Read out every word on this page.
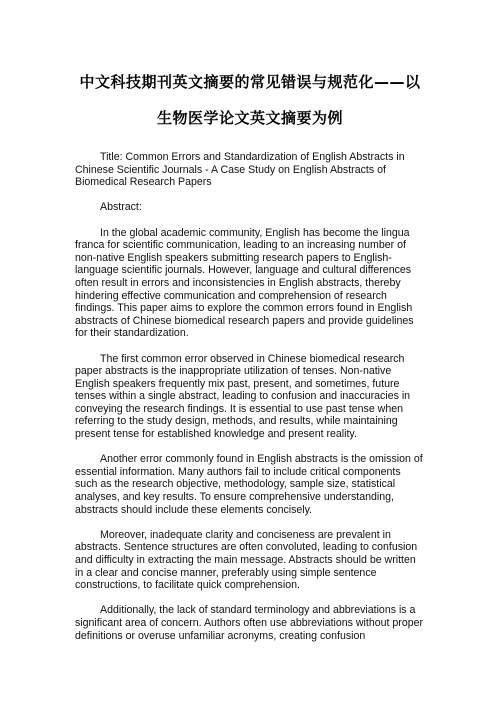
中文科技期刊英文摘要的常见错误与规范化——以
生物医学论文英文摘要为例

Title: Common Errors and Standardization of English Abstracts in Chinese Scientific Journals - A Case Study on English Abstracts of Biomedical Research Papers

Abstract:

In the global academic community, English has become the lingua franca for scientific communication, leading to an increasing number of non-native English speakers submitting research papers to English-language scientific journals. However, language and cultural differences often result in errors and inconsistencies in English abstracts, thereby hindering effective communication and comprehension of research findings. This paper aims to explore the common errors found in English abstracts of Chinese biomedical research papers and provide guidelines for their standardization.

The first common error observed in Chinese biomedical research paper abstracts is the inappropriate utilization of tenses. Non-native English speakers frequently mix past, present, and sometimes, future tenses within a single abstract, leading to confusion and inaccuracies in conveying the research findings. It is essential to use past tense when referring to the study design, methods, and results, while maintaining present tense for established knowledge and present reality.

Another error commonly found in English abstracts is the omission of essential information. Many authors fail to include critical components such as the research objective, methodology, sample size, statistical analyses, and key results. To ensure comprehensive understanding, abstracts should include these elements concisely.

Moreover, inadequate clarity and conciseness are prevalent in abstracts. Sentence structures are often convoluted, leading to confusion and difficulty in extracting the main message. Abstracts should be written in a clear and concise manner, preferably using simple sentence constructions, to facilitate quick comprehension.

Additionally, the lack of standard terminology and abbreviations is a significant area of concern. Authors often use abbreviations without proper definitions or overuse unfamiliar acronyms, creating confusion
